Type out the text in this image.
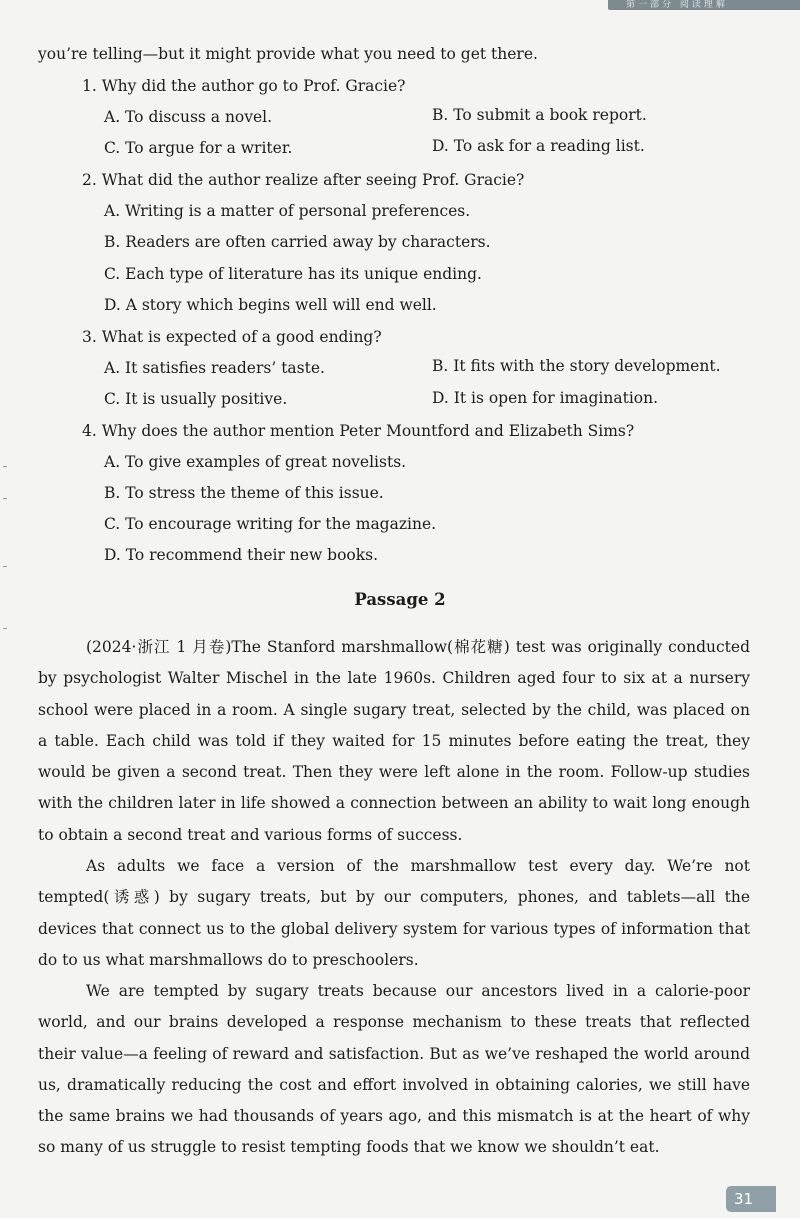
第一部分 阅读理解
you’re telling—but it might provide what you need to get there.
1. Why did the author go to Prof. Gracie?
A. To discuss a novel.	B. To submit a book report.
C. To argue for a writer.	D. To ask for a reading list.
2. What did the author realize after seeing Prof. Gracie?
A. Writing is a matter of personal preferences.
B. Readers are often carried away by characters.
C. Each type of literature has its unique ending.
D. A story which begins well will end well.
3. What is expected of a good ending?
A. It satisfies readers’ taste.	B. It fits with the story development.
C. It is usually positive.	D. It is open for imagination.
4. Why does the author mention Peter Mountford and Elizabeth Sims?
A. To give examples of great novelists.
B. To stress the theme of this issue.
C. To encourage writing for the magazine.
D. To recommend their new books.
Passage 2
(2024·浙江 1 月卷)The Stanford marshmallow(棉花糖) test was originally conducted by psychologist Walter Mischel in the late 1960s. Children aged four to six at a nursery school were placed in a room. A single sugary treat, selected by the child, was placed on a table. Each child was told if they waited for 15 minutes before eating the treat, they would be given a second treat. Then they were left alone in the room. Follow-up studies with the children later in life showed a connection between an ability to wait long enough to obtain a second treat and various forms of success.
As adults we face a version of the marshmallow test every day. We’re not tempted(诱惑) by sugary treats, but by our computers, phones, and tablets—all the devices that connect us to the global delivery system for various types of information that do to us what marshmallows do to preschoolers.
We are tempted by sugary treats because our ancestors lived in a calorie-poor world, and our brains developed a response mechanism to these treats that reflected their value—a feeling of reward and satisfaction. But as we’ve reshaped the world around us, dramatically reducing the cost and effort involved in obtaining calories, we still have the same brains we had thousands of years ago, and this mismatch is at the heart of why so many of us struggle to resist tempting foods that we know we shouldn’t eat.
31
